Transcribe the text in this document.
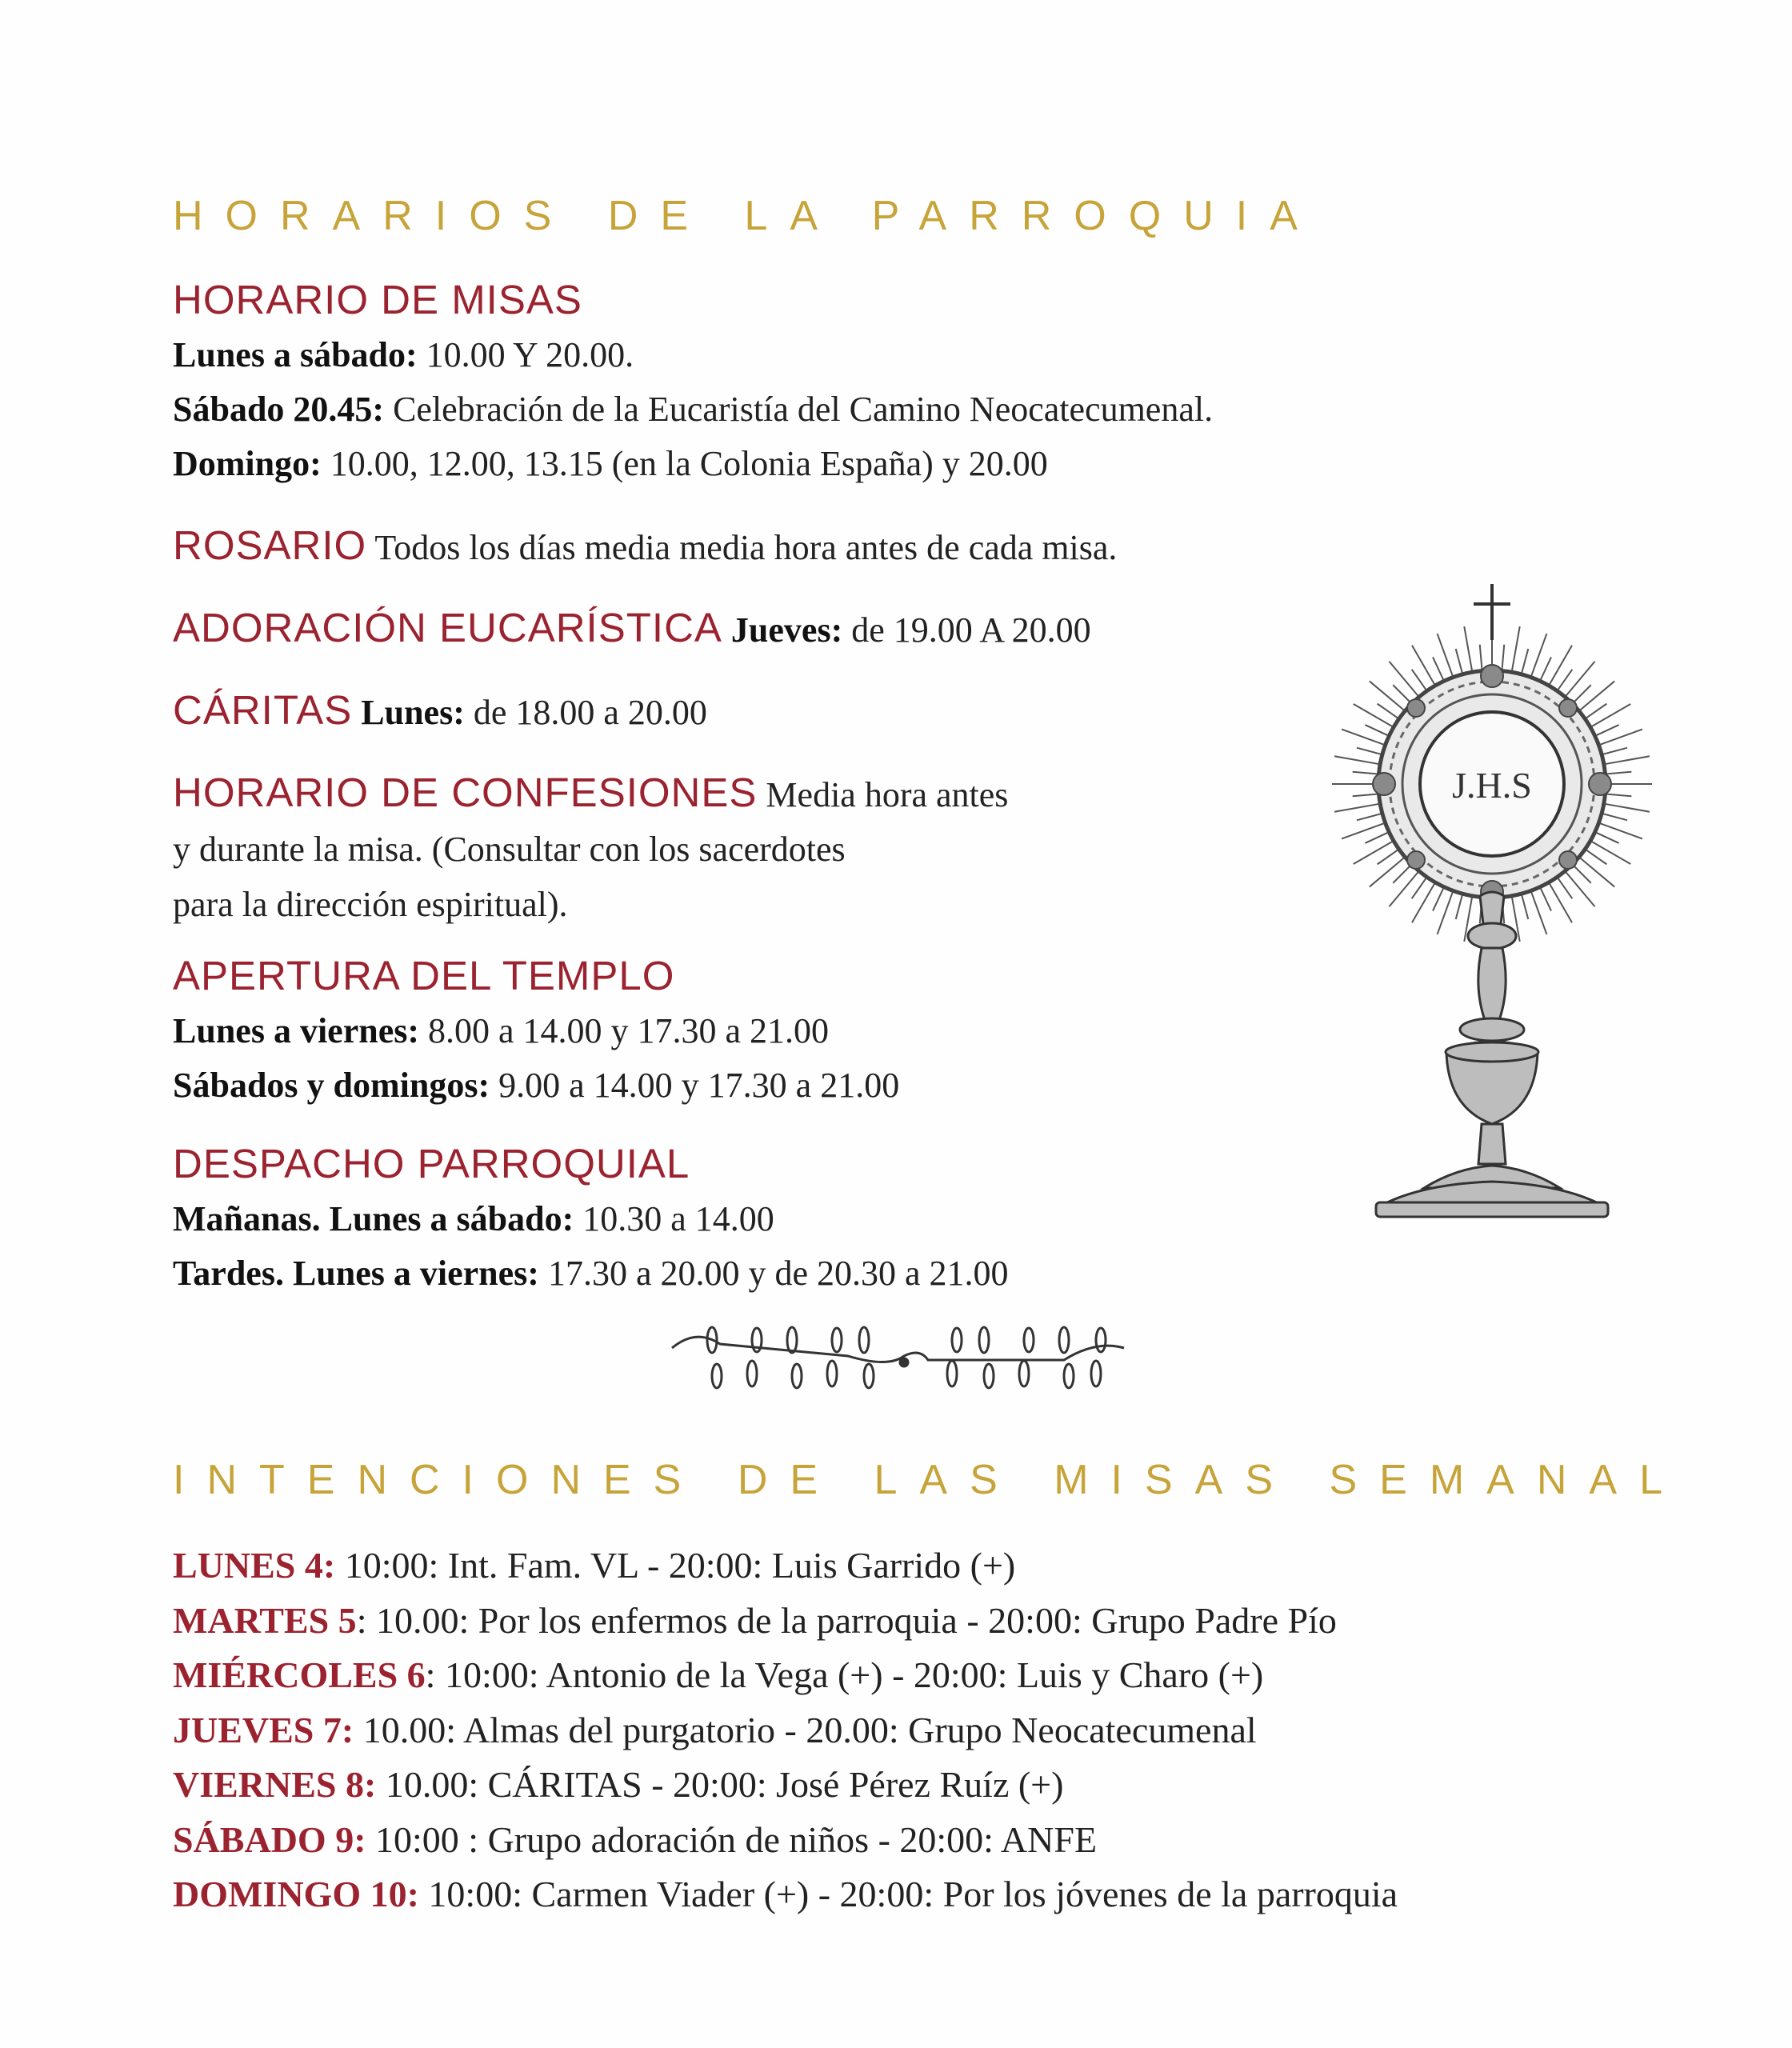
HORARIOS DE LA PARROQUIA
HORARIO DE MISAS
Lunes a sábado: 10.00 Y 20.00.
Sábado 20.45: Celebración de la Eucaristía del Camino Neocatecumenal.
Domingo: 10.00, 12.00, 13.15 (en la Colonia España) y 20.00
ROSARIO Todos los días media media hora antes de cada misa.
ADORACIÓN EUCARÍSTICA Jueves: de 19.00 A 20.00
CÁRITAS Lunes: de 18.00 a 20.00
HORARIO DE CONFESIONES Media hora antes
y durante la misa. (Consultar con los sacerdotes
para la dirección espiritual).
APERTURA DEL TEMPLO
Lunes a viernes: 8.00 a 14.00 y 17.30 a 21.00
Sábados y domingos: 9.00 a 14.00 y 17.30 a 21.00
DESPACHO PARROQUIAL
Mañanas. Lunes a sábado: 10.30 a 14.00
Tardes. Lunes a viernes: 17.30 a 20.00 y de 20.30 a 21.00
J.H.S
INTENCIONES DE LAS MISAS SEMANAL
LUNES 4: 10:00: Int. Fam. VL - 20:00: Luis Garrido (+)
MARTES 5: 10.00: Por los enfermos de la parroquia - 20:00: Grupo Padre Pío
MIÉRCOLES 6: 10:00: Antonio de la Vega (+) - 20:00: Luis y Charo (+)
JUEVES 7: 10.00: Almas del purgatorio - 20.00: Grupo Neocatecumenal
VIERNES 8: 10.00: CÁRITAS - 20:00: José Pérez Ruíz (+)
SÁBADO 9: 10:00 : Grupo adoración de niños - 20:00: ANFE
DOMINGO 10: 10:00: Carmen Viader (+) - 20:00: Por los jóvenes de la parroquia
